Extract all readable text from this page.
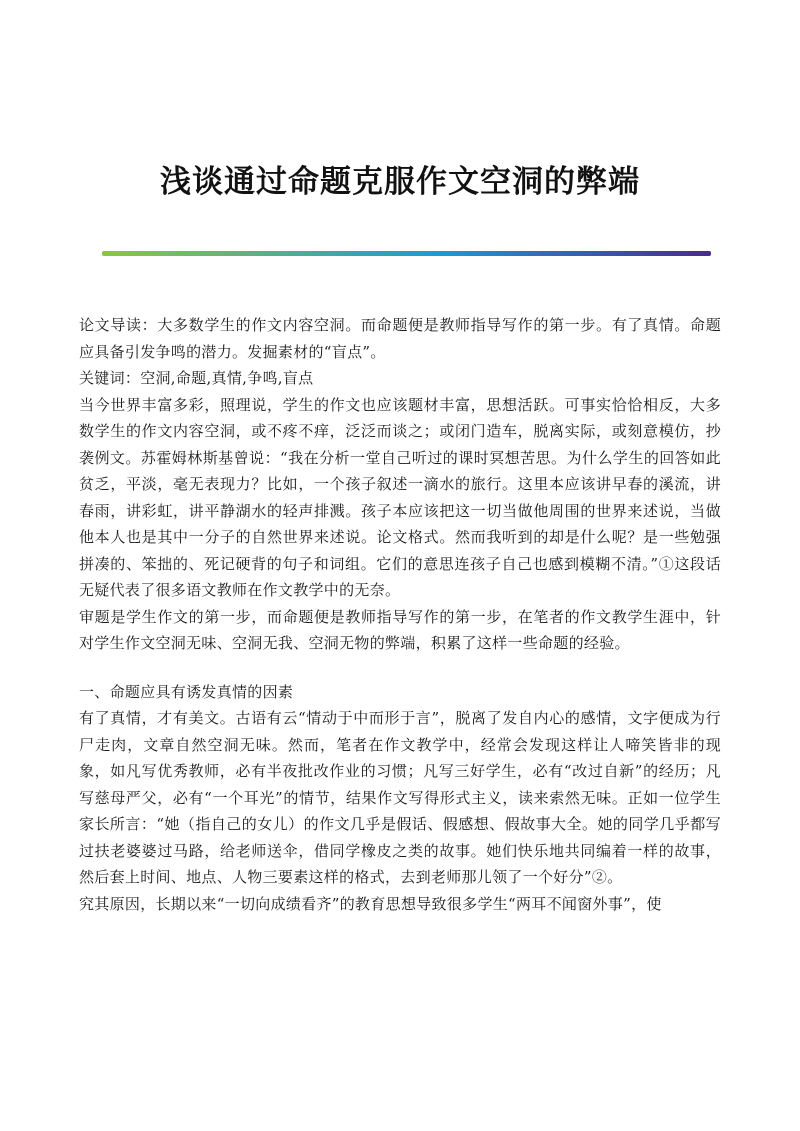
浅谈通过命题克服作文空洞的弊端

论文导读：大多数学生的作文内容空洞。而命题便是教师指导写作的第一步。有了真情。命题应具备引发争鸣的潜力。发掘素材的“盲点”。

关键词：空洞,命题,真情,争鸣,盲点

当今世界丰富多彩，照理说，学生的作文也应该题材丰富，思想活跃。可事实恰恰相反，大多数学生的作文内容空洞，或不疼不痒，泛泛而谈之；或闭门造车，脱离实际，或刻意模仿，抄袭例文。苏霍姆林斯基曾说：“我在分析一堂自己听过的课时冥想苦思。为什么学生的回答如此贫乏，平淡，毫无表现力？比如，一个孩子叙述一滴水的旅行。这里本应该讲早春的溪流，讲春雨，讲彩虹，讲平静湖水的轻声排溅。孩子本应该把这一切当做他周围的世界来述说，当做他本人也是其中一分子的自然世界来述说。论文格式。然而我听到的却是什么呢？是一些勉强拼凑的、笨拙的、死记硬背的句子和词组。它们的意思连孩子自己也感到模糊不清。”①这段话无疑代表了很多语文教师在作文教学中的无奈。

审题是学生作文的第一步，而命题便是教师指导写作的第一步，在笔者的作文教学生涯中，针对学生作文空洞无味、空洞无我、空洞无物的弊端，积累了这样一些命题的经验。

一、命题应具有诱发真情的因素

有了真情，才有美文。古语有云“情动于中而形于言”，脱离了发自内心的感情，文字便成为行尸走肉，文章自然空洞无味。然而，笔者在作文教学中，经常会发现这样让人啼笑皆非的现象，如凡写优秀教师，必有半夜批改作业的习惯；凡写三好学生，必有“改过自新”的经历；凡写慈母严父，必有“一个耳光”的情节，结果作文写得形式主义，读来索然无味。正如一位学生家长所言：“她（指自己的女儿）的作文几乎是假话、假感想、假故事大全。她的同学几乎都写过扶老婆婆过马路，给老师送伞，借同学橡皮之类的故事。她们快乐地共同编着一样的故事，然后套上时间、地点、人物三要素这样的格式，去到老师那儿领了一个好分”②。

究其原因，长期以来“一切向成绩看齐”的教育思想导致很多学生“两耳不闻窗外事”，使
